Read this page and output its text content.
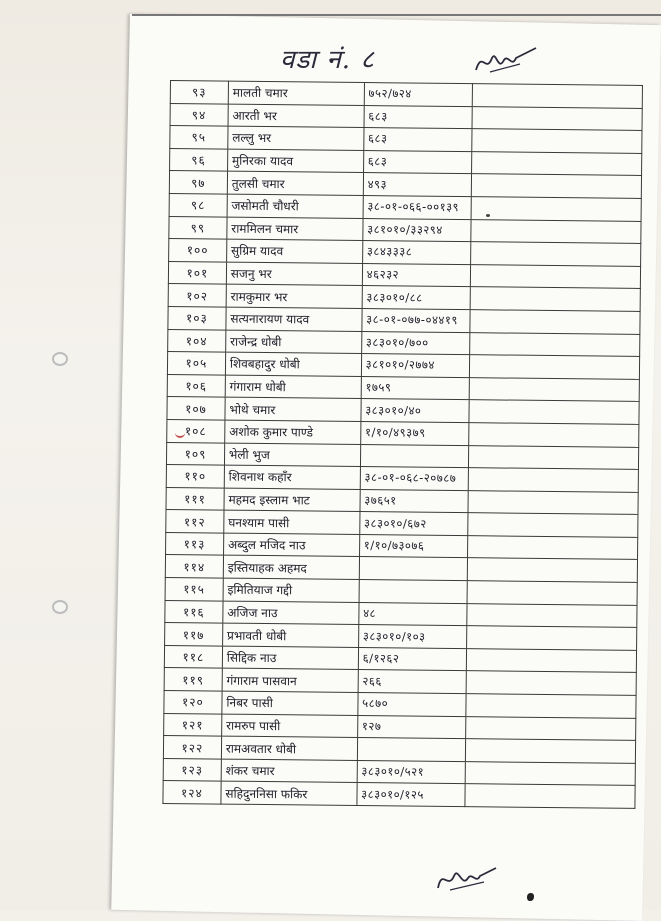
वडा नं. ८
९३	मालती चमार	७५२/७२४	
९४	आरती भर	६८३	
९५	लल्लु भर	६८३	
९६	मुनिरका यादव	६८३	
९७	तुलसी चमार	४९३	
९८	जसोमती चौधरी	३८-०१-०६६-००१३९	
९९	राममिलन चमार	३८१०१०/३३२९४	
१००	सुग्रिम यादव	३८४३३३८	
१०१	सजनु भर	४६२३२	
१०२	रामकुमार भर	३८३०१०/८८	
१०३	सत्यनारायण यादव	३८-०१-०७७-०४४१९	
१०४	राजेन्द्र धोबी	३८३०१०/७००	
१०५	शिवबहादुर धोबी	३८१०१०/२७७४	
१०६	गंगाराम धोबी	१७५९	
१०७	भोथे चमार	३८३०१०/४०	
१०८	अशोक कुमार पाण्डे	१/१०/४९३७९	
१०९	भेली भुज		
११०	शिवनाथ कहाँर	३८-०१-०६८-२०७८७	
१११	महमद इस्लाम भाट	३७६५१	
११२	घनश्याम पासी	३८३०१०/६७२	
११३	अब्दुल मजिद नाउ	१/१०/७३०७६	
११४	इस्तियाहक अहमद		
११५	इमितियाज गद्दी		
११६	अजिज नाउ	४८	
११७	प्रभावती धोबी	३८३०१०/१०३	
११८	सिद्दिक नाउ	६/१२६२	
११९	गंगाराम पासवान	२६६	
१२०	निबर पासी	५८७०	
१२१	रामरुप पासी	१२७	
१२२	रामअवतार धोबी		
१२३	शंकर चमार	३८३०१०/५२१	
१२४	सहिदुननिसा फकिर	३८३०१०/१२५	
